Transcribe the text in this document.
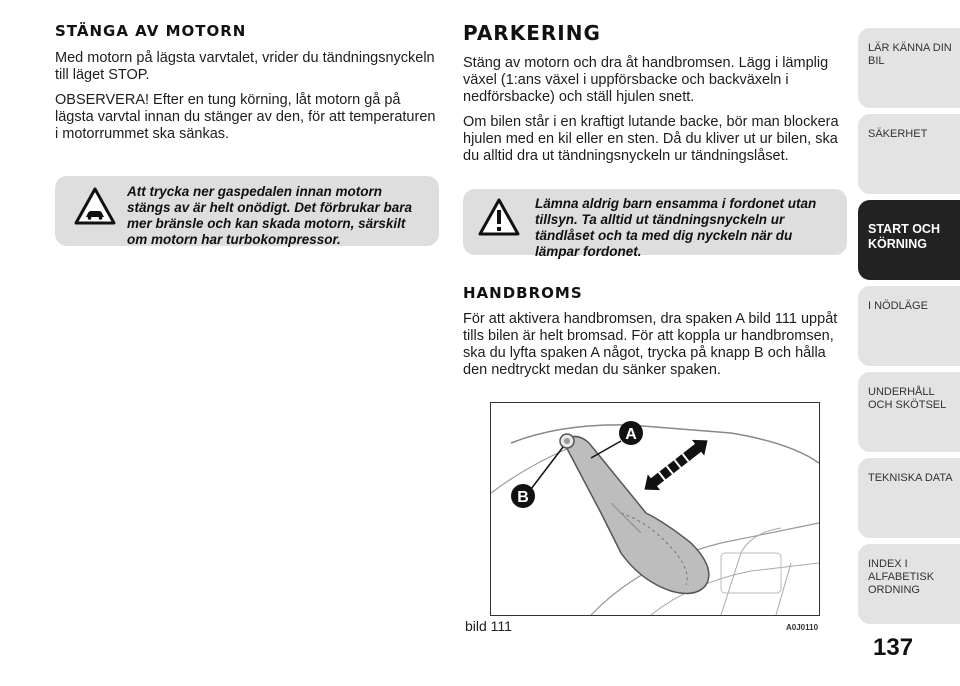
STÄNGA AV MOTORN

Med motorn på lägsta varvtalet, vrider du tändningsnyckeln till läget STOP.

OBSERVERA! Efter en tung körning, låt motorn gå på lägsta varvtal innan du stänger av den, för att temperaturen i motorrummet ska sänkas.

Att trycka ner gaspedalen innan motorn stängs av är helt onödigt. Det förbrukar bara mer bränsle och kan skada motorn, särskilt om motorn har turbokompressor.
PARKERING

Stäng av motorn och dra åt handbromsen. Lägg i lämplig växel (1:ans växel i uppförsbacke och backväxeln i nedförsbacke) och ställ hjulen snett.

Om bilen står i en kraftigt lutande backe, bör man blockera hjulen med en kil eller en sten. Då du kliver ut ur bilen, ska du alltid dra ut tändningsnyckeln ur tändningslåset.

Lämna aldrig barn ensamma i fordonet utan tillsyn. Ta alltid ut tändningsnyckeln ur tändlåset och ta med dig nyckeln när du lämpar fordonet.
HANDBROMS

För att aktivera handbromsen, dra spaken A bild 111 uppåt tills bilen är helt bromsad. För att koppla ur handbromsen, ska du lyfta spaken A något, trycka på knapp B och hålla den nedtryckt medan du sänker spaken.

A
B
bild 111	A0J0110
LÄR KÄNNA DIN BIL
SÄKERHET
START OCH KÖRNING
I NÖDLÄGE
UNDERHÅLL OCH SKÖTSEL
TEKNISKA DATA
INDEX I ALFABETISK ORDNING
137
